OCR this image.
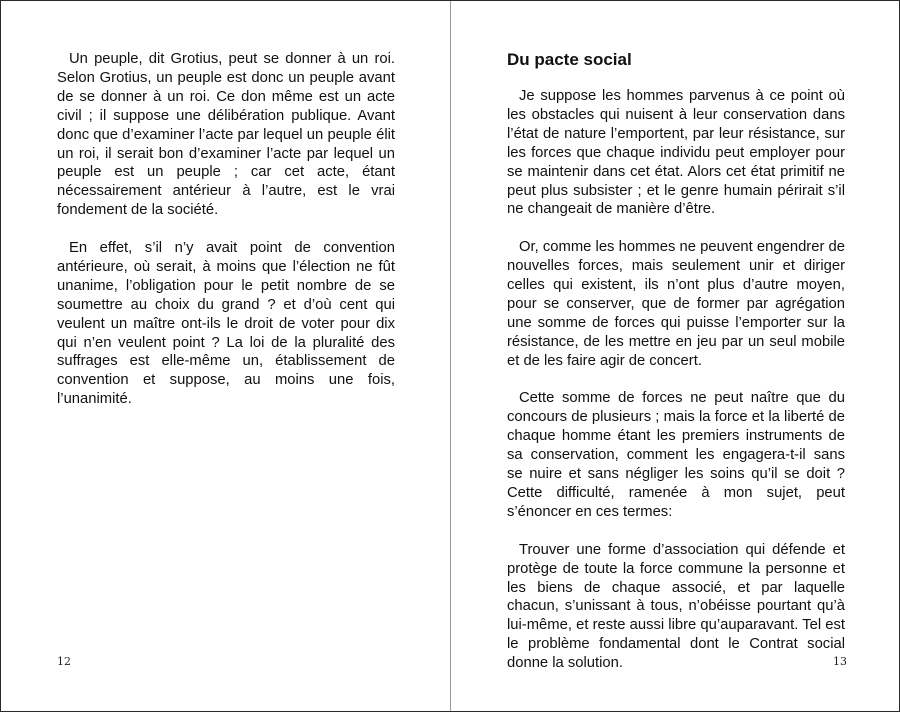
Un peuple, dit Grotius, peut se donner à un roi. Selon Grotius, un peuple est donc un peuple avant de se donner à un roi. Ce don même est un acte civil ; il suppose une délibération publique. Avant donc que d’examiner l’acte par lequel un peuple élit un roi, il serait bon d’examiner l’acte par lequel un peuple est un peuple ; car cet acte, étant nécessairement antérieur à l’autre, est le vrai fondement de la société.

En effet, s’il n’y avait point de convention antérieure, où serait, à moins que l’élection ne fût unanime, l’obligation pour le petit nombre de se soumettre au choix du grand ? et d’où cent qui veulent un maître ont-ils le droit de voter pour dix qui n’en veulent point ? La loi de la pluralité des suffrages est elle-même un, établissement de convention et suppose, au moins une fois, l’unanimité.

12
Du pacte social

Je suppose les hommes parvenus à ce point où les obstacles qui nuisent à leur conservation dans l’état de nature l’emportent, par leur résistance, sur les forces que chaque individu peut employer pour se maintenir dans cet état. Alors cet état primitif ne peut plus subsister ; et le genre humain périrait s’il ne changeait de manière d’être.

Or, comme les hommes ne peuvent engendrer de nouvelles forces, mais seulement unir et diriger celles qui existent, ils n’ont plus d’autre moyen, pour se conserver, que de former par agrégation une somme de forces qui puisse l’emporter sur la résistance, de les mettre en jeu par un seul mobile et de les faire agir de concert.

Cette somme de forces ne peut naître que du concours de plusieurs ; mais la force et la liberté de chaque homme étant les premiers instruments de sa conservation, comment les engagera-t-il sans se nuire et sans négliger les soins qu’il se doit ? Cette difficulté, ramenée à mon sujet, peut s’énoncer en ces termes:

Trouver une forme d’association qui défende et protège de toute la force commune la personne et les biens de chaque associé, et par laquelle chacun, s’unissant à tous, n’obéisse pourtant qu’à lui-même, et reste aussi libre qu’auparavant. Tel est le problème fondamental dont le Contrat social donne la solution.	13
